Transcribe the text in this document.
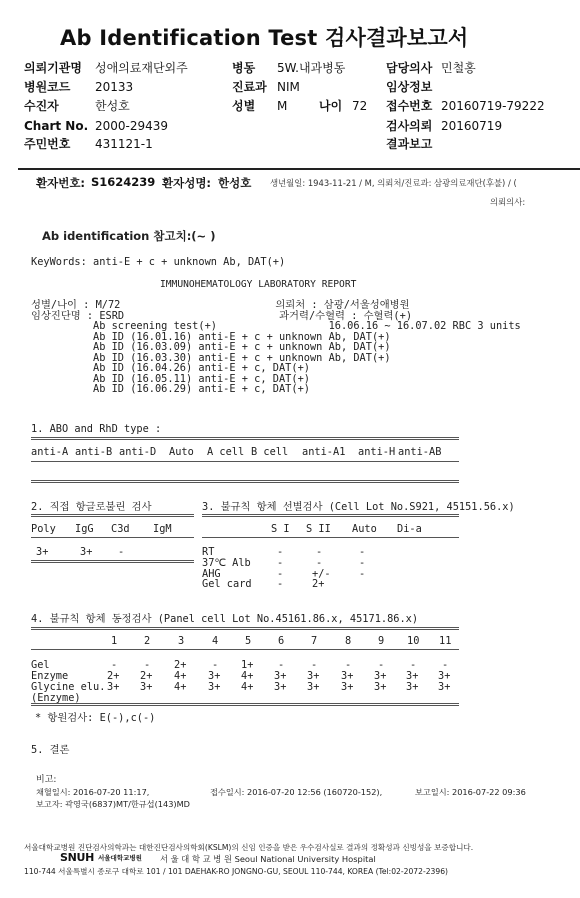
Ab Identification Test 검사결과보고서
의뢰기관명 성애의료재단외주	병동 5W.내과병동	담당의사 민철홍
병원코드 20133	진료과 NIM	임상정보
수진자	한성호	성별 M	나이 72 접수번호 20160719-79222
Chart No. 2000-29439	검사의뢰 20160719
주민번호 431121-1	결과보고
환자번호: S1624239 환자성명: 한성호 생년월일: 1943-11-21 / M, 의뢰처/진료과: 삼광의료재단(후불) / (
의뢰의사:
Ab identification 참고치:(~ )
KeyWords: anti-E + c + unknown Ab, DAT(+)
IMMUNOHEMATOLOGY LABORATORY REPORT
성별/나이 : M/72                         의뢰처 : 삼광/서울성애병원
임상진단명 : ESRD                         과거력/수혈력 : 수혈력(+)
Ab screening test(+)                  16.06.16 ~ 16.07.02 RBC 3 units
Ab ID (16.01.16) anti-E + c + unknown Ab, DAT(+)
Ab ID (16.03.09) anti-E + c + unknown Ab, DAT(+)
Ab ID (16.03.30) anti-E + c + unknown Ab, DAT(+)
Ab ID (16.04.26) anti-E + c, DAT(+)
Ab ID (16.05.11) anti-E + c, DAT(+)
Ab ID (16.06.29) anti-E + c, DAT(+)
1. ABO and RhD type :
anti-A anti-B anti-D Auto A cell B cell anti-A1 anti-H anti-AB
2. 직접 항글로불린 검사
Poly IgG C3d IgM
3+	3+ -
3. 불규칙 항체 선별검사 (Cell Lot No.S921, 45151.56.x)
S I S II Auto Di-a
RT	-	-	-
37℃ Alb	-	-	-
AHG	-	+/-	-
Gel card -	2+
4. 불규칙 항체 동정검사 (Panel cell Lot No.45161.86.x, 45171.86.x)
1	2	3	4	5	6	7	8	9 10 11
Gel	-	- 2+ - 1+ -	-	-	-	-	-
Enzyme	2+ 2+ 4+ 3+ 4+ 3+ 3+ 3+ 3+ 3+ 3+
Glycine elu. 3+ 3+ 4+ 3+ 4+ 3+ 3+ 3+ 3+ 3+ 3+
(Enzyme)
* 항원검사: E(-),c(-)
5. 결론
비고:
채혈일시: 2016-07-20 11:17,	접수일시: 2016-07-20 12:56 (160720-152),	보고일시: 2016-07-22 09:36
보고자: 곽영국(6837)MT/한규섭(143)MD
서울대학교병원 진단검사의학과는 대한진단검사의학회(KSLM)의 신임 인증을 받은 우수검사실로 결과의 정확성과 신빙성을 보증합니다.
SNUH 서울대학교병원 서 울 대 학 교 병 원 Seoul National University Hospital
110-744 서울특별시 종로구 대학로 101 / 101 DAEHAK-RO JONGNO-GU, SEOUL 110-744, KOREA (Tel:02-2072-2396)
